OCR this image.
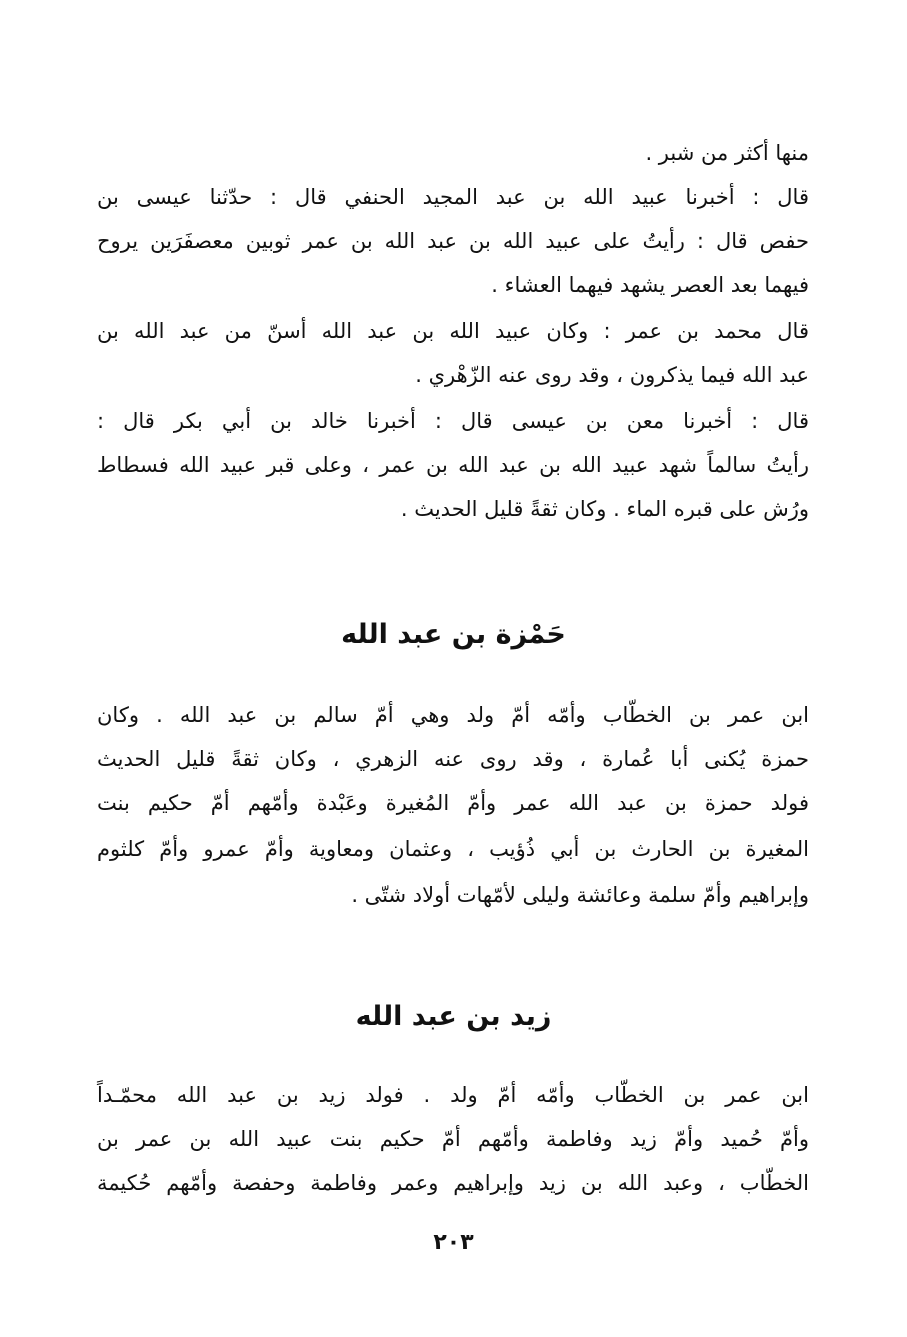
منها أكثر من شبر .
قال : أخبرنا عبيد الله بن عبد المجيد الحنفي قال : حدّثنا عيسى بن
حفص قال : رأيتُ على عبيد الله بن عبد الله بن عمر ثوبين معصفَرَين يروح
فيهما بعد العصر يشهد فيهما العشاء .
قال محمد بن عمر : وكان عبيد الله بن عبد الله أسنّ من عبد الله بن
عبد الله فيما يذكرون ، وقد روى عنه الزّهْري .
قال : أخبرنا معن بن عيسى قال : أخبرنا خالد بن أبي بكر قال :
رأيتُ سالماً شهد عبيد الله بن عبد الله بن عمر ، وعلى قبر عبيد الله فسطاط
ورُش على قبره الماء . وكان ثقةً قليل الحديث .
حَمْزة بن عبد الله
ابن عمر بن الخطّاب وأمّه أمّ ولد وهي أمّ سالم بن عبد الله . وكان
حمزة يُكنى أبا عُمارة ، وقد روى عنه الزهري ، وكان ثقةً قليل الحديث
فولد حمزة بن عبد الله عمر وأمّ المُغيرة وعَبْدة وأمّهم أمّ حكيم بنت
المغيرة بن الحارث بن أبي ذُؤيب ، وعثمان ومعاوية وأمّ عمرو وأمّ كلثوم
وإبراهيم وأمّ سلمة وعائشة وليلى لأمّهات أولاد شتّى .
زيد بن عبد الله
ابن عمر بن الخطّاب وأمّه أمّ ولد . فولد زيد بن عبد الله محمّـداً
وأمّ حُميد وأمّ زيد وفاطمة وأمّهم أمّ حكيم بنت عبيد الله بن عمر بن
الخطّاب ، وعبد الله بن زيد وإبراهيم وعمر وفاطمة وحفصة وأمّهم حُكيمة
٢٠٣
